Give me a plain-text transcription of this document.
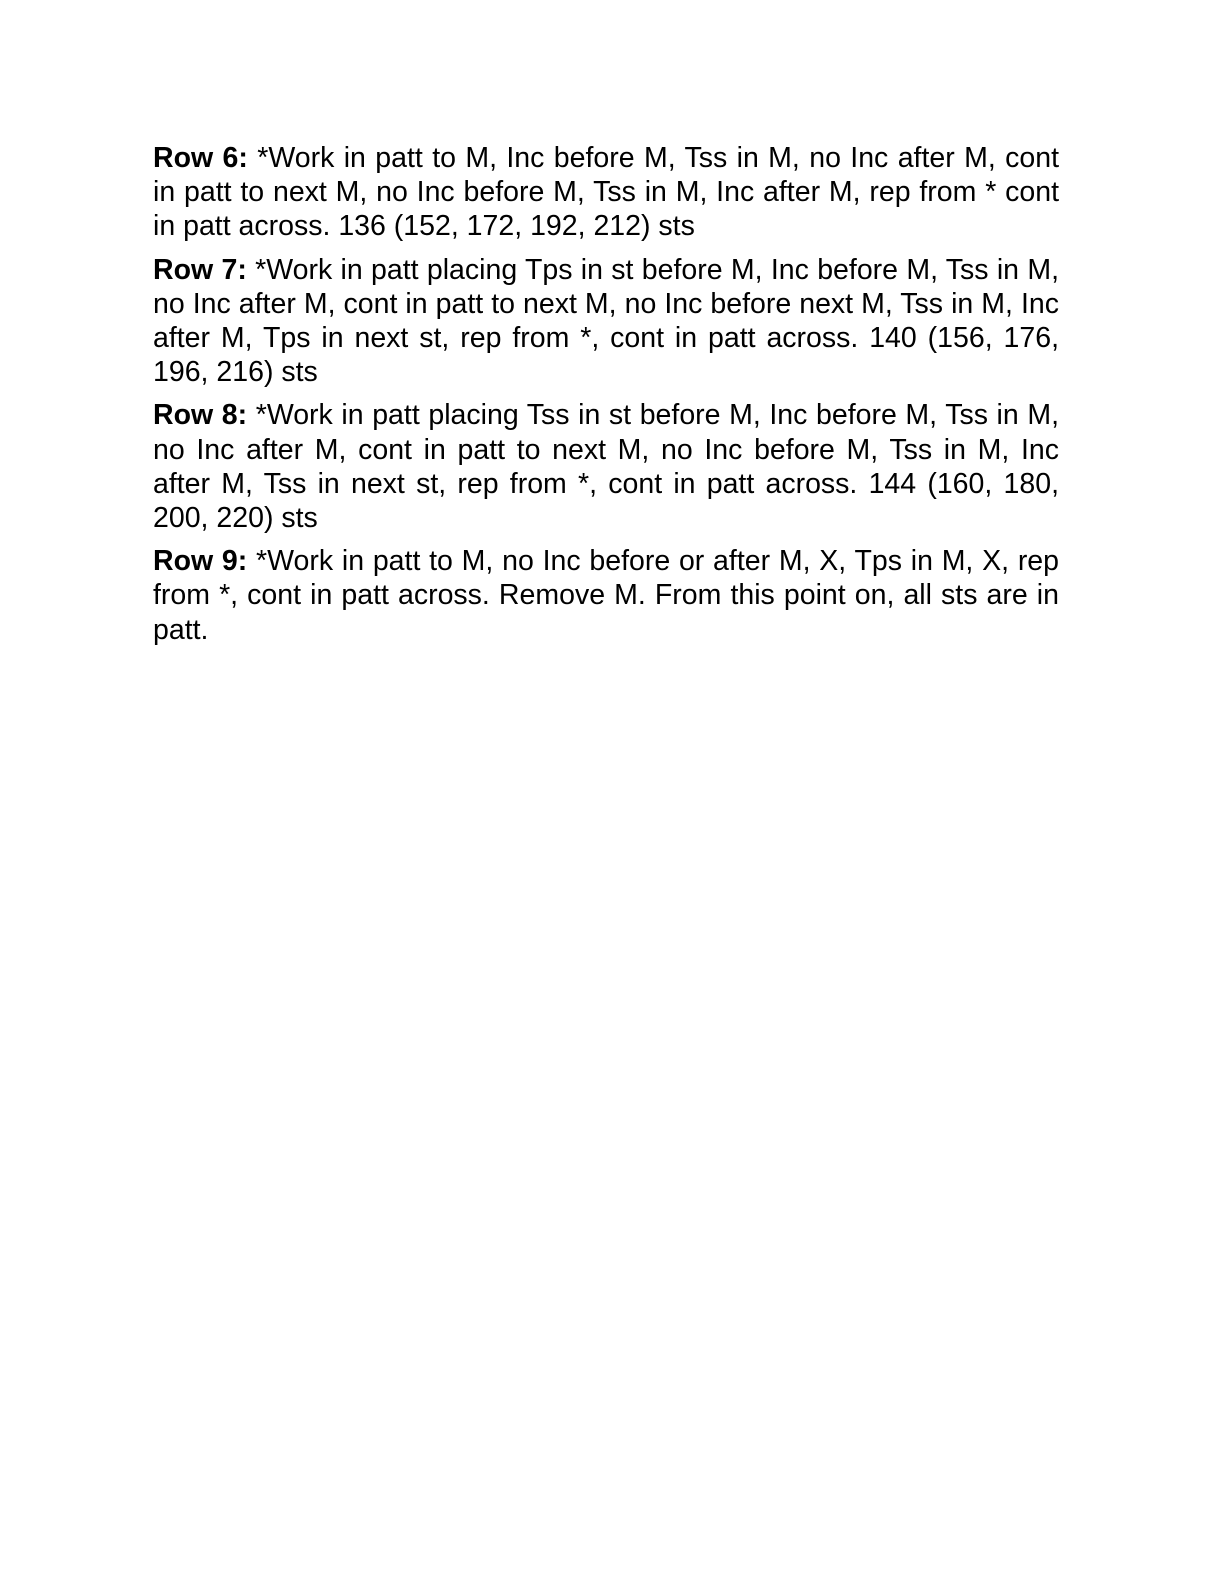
Row 6: *Work in patt to M, Inc before M, Tss in M, no Inc after M, cont in patt to next M, no Inc before M, Tss in M, Inc after M, rep from * cont in patt across. 136 (152, 172, 192, 212) sts

Row 7: *Work in patt placing Tps in st before M, Inc before M, Tss in M, no Inc after M, cont in patt to next M, no Inc before next M, Tss in M, Inc after M, Tps in next st, rep from *, cont in patt across. 140 (156, 176, 196, 216) sts

Row 8: *Work in patt placing Tss in st before M, Inc before M, Tss in M, no Inc after M, cont in patt to next M, no Inc before M, Tss in M, Inc after M, Tss in next st, rep from *, cont in patt across. 144 (160, 180, 200, 220) sts

Row 9: *Work in patt to M, no Inc before or after M, X, Tps in M, X, rep from *, cont in patt across. Remove M. From this point on, all sts are in patt.
